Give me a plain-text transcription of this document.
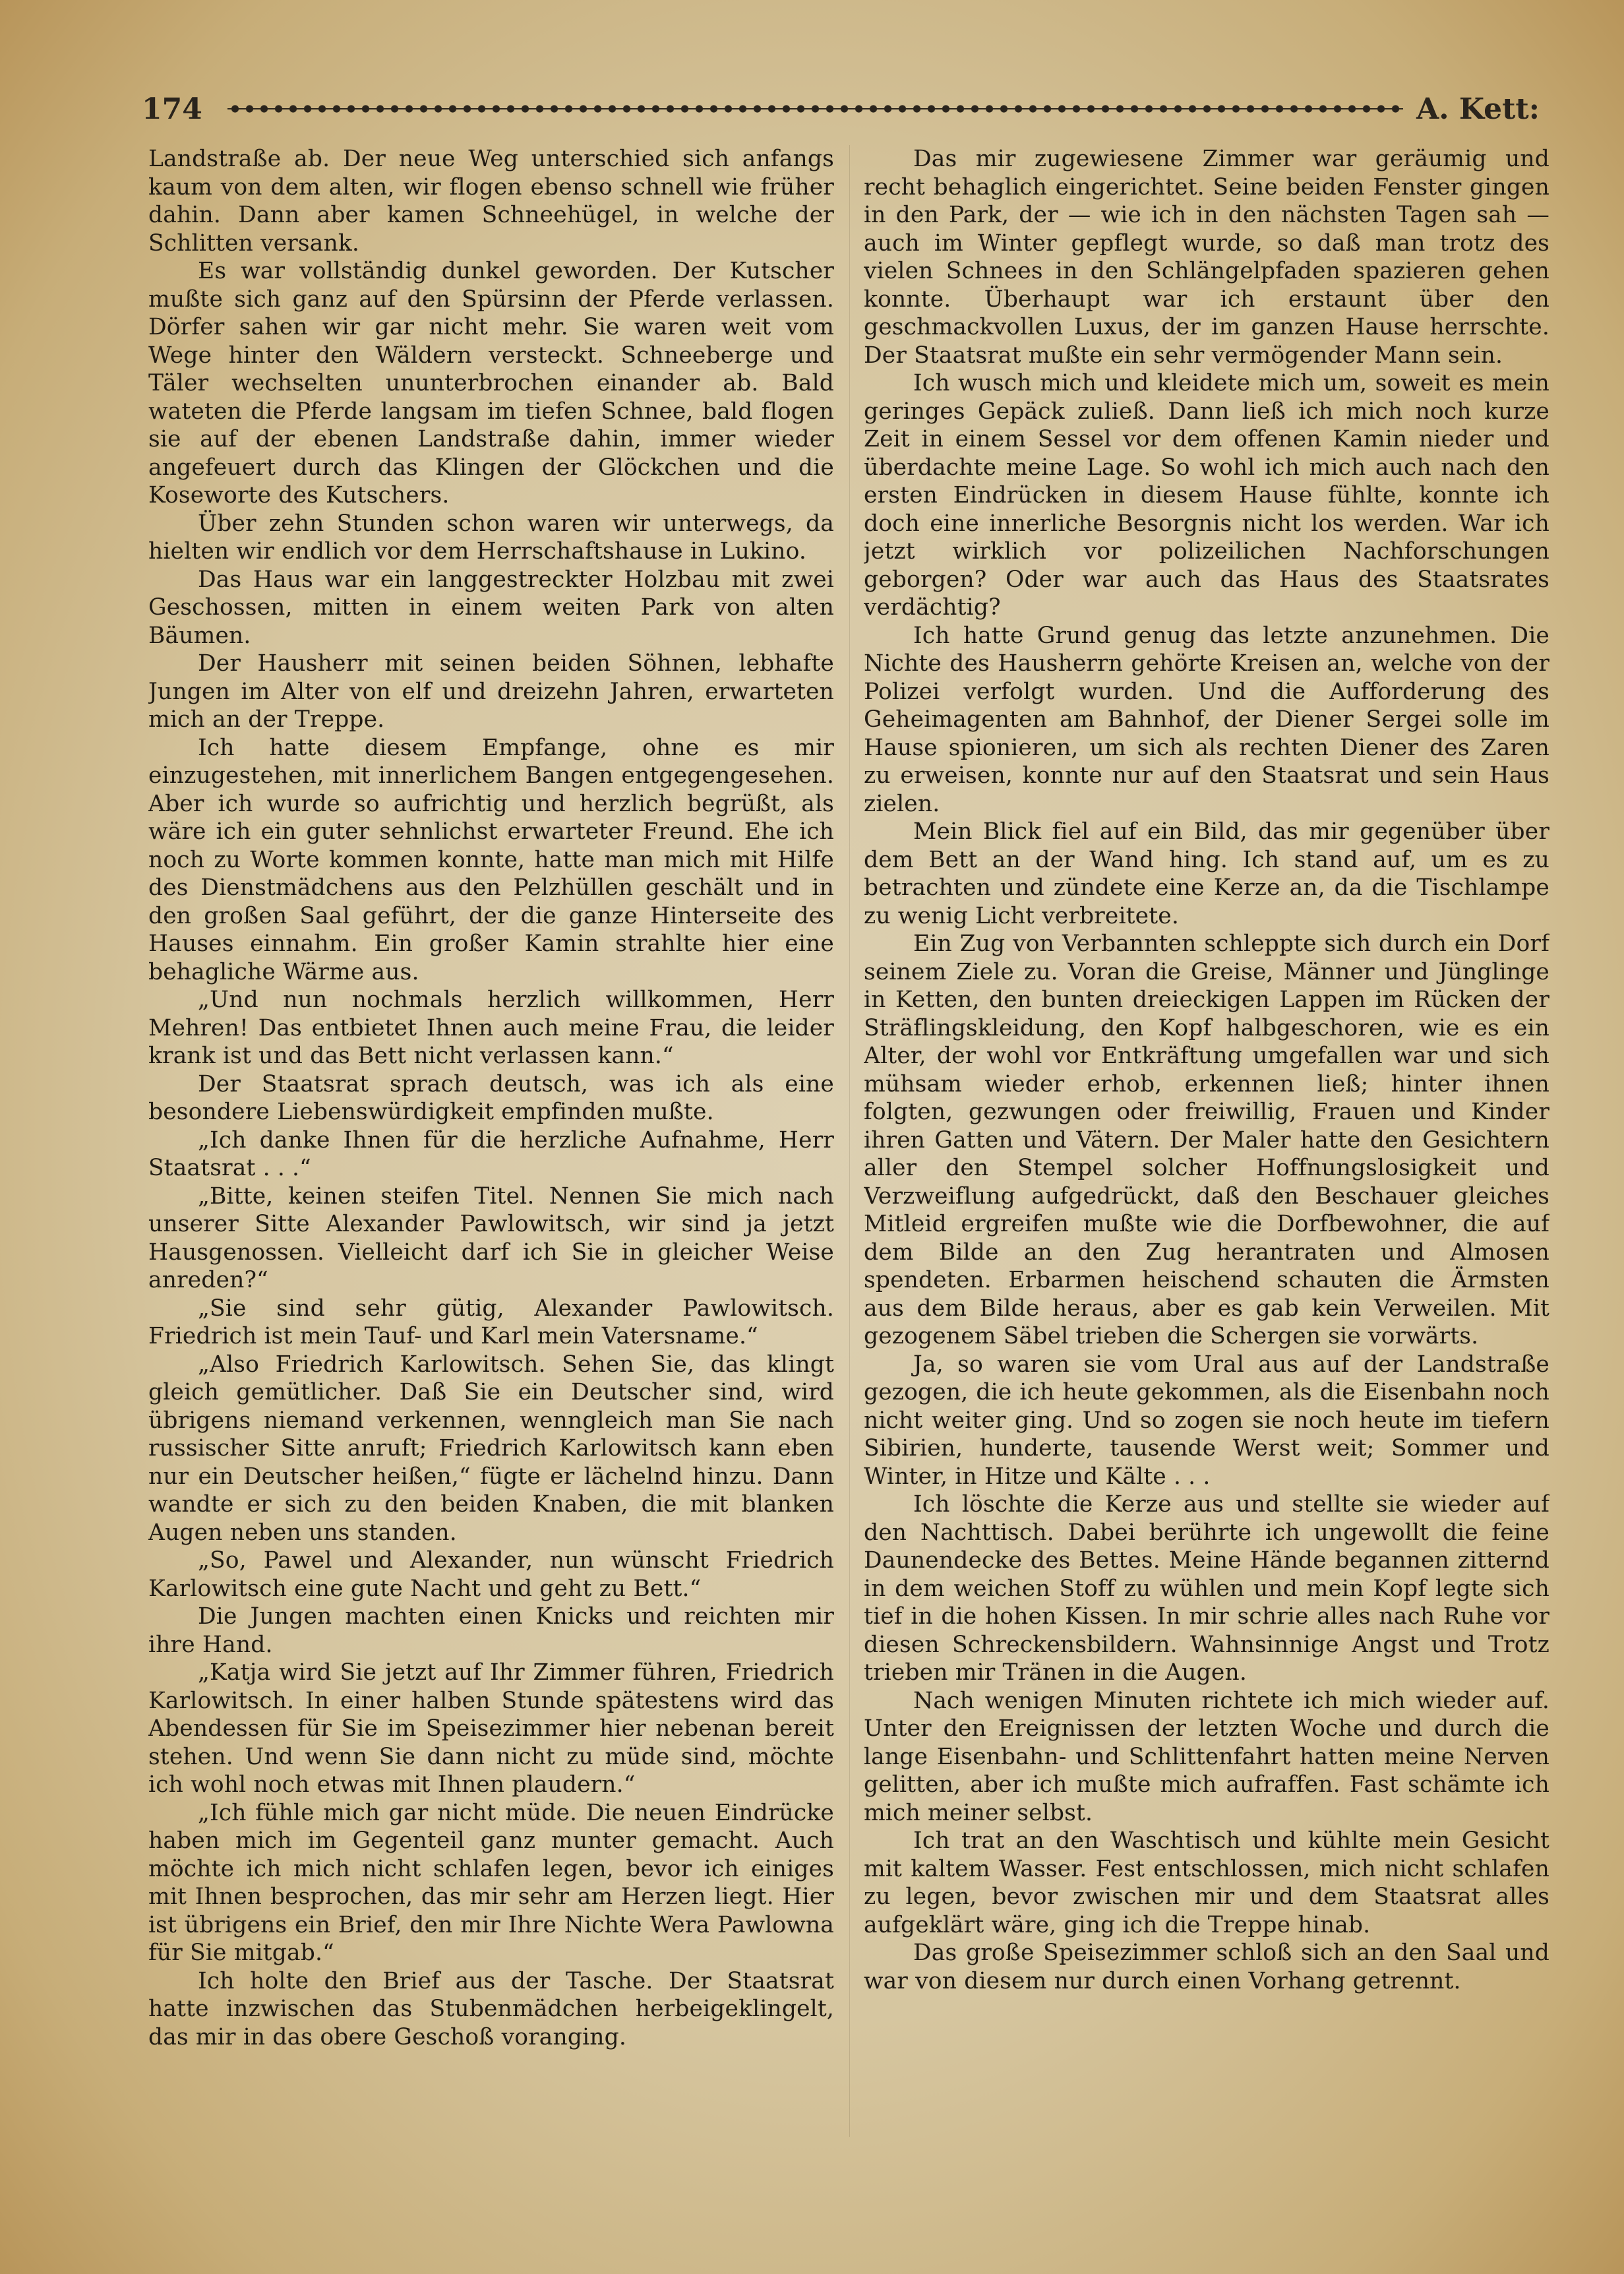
174	A. Kett:

Landstraße ab. Der neue Weg unterschied sich anfangs kaum von dem alten, wir flogen ebenso schnell wie früher dahin. Dann aber kamen Schneehügel, in welche der Schlitten versank.

Es war vollständig dunkel geworden. Der Kutscher mußte sich ganz auf den Spürsinn der Pferde verlassen. Dörfer sahen wir gar nicht mehr. Sie waren weit vom Wege hinter den Wäldern versteckt. Schneeberge und Täler wechselten ununterbrochen einander ab. Bald wateten die Pferde langsam im tiefen Schnee, bald flogen sie auf der ebenen Landstraße dahin, immer wieder angefeuert durch das Klingen der Glöckchen und die Koseworte des Kutschers.

Über zehn Stunden schon waren wir unterwegs, da hielten wir endlich vor dem Herrschaftshause in Lukino.

Das Haus war ein langgestreckter Holzbau mit zwei Geschossen, mitten in einem weiten Park von alten Bäumen.

Der Hausherr mit seinen beiden Söhnen, lebhafte Jungen im Alter von elf und dreizehn Jahren, erwarteten mich an der Treppe.

Ich hatte diesem Empfange, ohne es mir einzugestehen, mit innerlichem Bangen entgegengesehen. Aber ich wurde so aufrichtig und herzlich begrüßt, als wäre ich ein guter sehnlichst erwarteter Freund. Ehe ich noch zu Worte kommen konnte, hatte man mich mit Hilfe des Dienstmädchens aus den Pelzhüllen geschält und in den großen Saal geführt, der die ganze Hinterseite des Hauses einnahm. Ein großer Kamin strahlte hier eine behagliche Wärme aus.

„Und nun nochmals herzlich willkommen, Herr Mehren! Das entbietet Ihnen auch meine Frau, die leider krank ist und das Bett nicht verlassen kann.“

Der Staatsrat sprach deutsch, was ich als eine besondere Liebenswürdigkeit empfinden mußte.

„Ich danke Ihnen für die herzliche Aufnahme, Herr Staatsrat . . .“

„Bitte, keinen steifen Titel. Nennen Sie mich nach unserer Sitte Alexander Pawlowitsch, wir sind ja jetzt Hausgenossen. Vielleicht darf ich Sie in gleicher Weise anreden?“

„Sie sind sehr gütig, Alexander Pawlowitsch. Friedrich ist mein Tauf- und Karl mein Vatersname.“

„Also Friedrich Karlowitsch. Sehen Sie, das klingt gleich gemütlicher. Daß Sie ein Deutscher sind, wird übrigens niemand verkennen, wenngleich man Sie nach russischer Sitte anruft; Friedrich Karlowitsch kann eben nur ein Deutscher heißen,“ fügte er lächelnd hinzu. Dann wandte er sich zu den beiden Knaben, die mit blanken Augen neben uns standen.

„So, Pawel und Alexander, nun wünscht Friedrich Karlowitsch eine gute Nacht und geht zu Bett.“

Die Jungen machten einen Knicks und reichten mir ihre Hand.

„Katja wird Sie jetzt auf Ihr Zimmer führen, Friedrich Karlowitsch. In einer halben Stunde spätestens wird das Abendessen für Sie im Speisezimmer hier nebenan bereit stehen. Und wenn Sie dann nicht zu müde sind, möchte ich wohl noch etwas mit Ihnen plaudern.“

„Ich fühle mich gar nicht müde. Die neuen Eindrücke haben mich im Gegenteil ganz munter gemacht. Auch möchte ich mich nicht schlafen legen, bevor ich einiges mit Ihnen besprochen, das mir sehr am Herzen liegt. Hier ist übrigens ein Brief, den mir Ihre Nichte Wera Pawlowna für Sie mitgab.“

Ich holte den Brief aus der Tasche. Der Staatsrat hatte inzwischen das Stubenmädchen herbeigeklingelt, das mir in das obere Geschoß voranging.

Das mir zugewiesene Zimmer war geräumig und recht behaglich eingerichtet. Seine beiden Fenster gingen in den Park, der — wie ich in den nächsten Tagen sah — auch im Winter gepflegt wurde, so daß man trotz des vielen Schnees in den Schlängelpfaden spazieren gehen konnte. Überhaupt war ich erstaunt über den geschmackvollen Luxus, der im ganzen Hause herrschte. Der Staatsrat mußte ein sehr vermögender Mann sein.

Ich wusch mich und kleidete mich um, soweit es mein geringes Gepäck zuließ. Dann ließ ich mich noch kurze Zeit in einem Sessel vor dem offenen Kamin nieder und überdachte meine Lage. So wohl ich mich auch nach den ersten Eindrücken in diesem Hause fühlte, konnte ich doch eine innerliche Besorgnis nicht los werden. War ich jetzt wirklich vor polizeilichen Nachforschungen geborgen? Oder war auch das Haus des Staatsrates verdächtig?

Ich hatte Grund genug das letzte anzunehmen. Die Nichte des Hausherrn gehörte Kreisen an, welche von der Polizei verfolgt wurden. Und die Aufforderung des Geheimagenten am Bahnhof, der Diener Sergei solle im Hause spionieren, um sich als rechten Diener des Zaren zu erweisen, konnte nur auf den Staatsrat und sein Haus zielen.

Mein Blick fiel auf ein Bild, das mir gegenüber über dem Bett an der Wand hing. Ich stand auf, um es zu betrachten und zündete eine Kerze an, da die Tischlampe zu wenig Licht verbreitete.

Ein Zug von Verbannten schleppte sich durch ein Dorf seinem Ziele zu. Voran die Greise, Männer und Jünglinge in Ketten, den bunten dreieckigen Lappen im Rücken der Sträflingskleidung, den Kopf halbgeschoren, wie es ein Alter, der wohl vor Entkräftung umgefallen war und sich mühsam wieder erhob, erkennen ließ; hinter ihnen folgten, gezwungen oder freiwillig, Frauen und Kinder ihren Gatten und Vätern. Der Maler hatte den Gesichtern aller den Stempel solcher Hoffnungslosigkeit und Verzweiflung aufgedrückt, daß den Beschauer gleiches Mitleid ergreifen mußte wie die Dorfbewohner, die auf dem Bilde an den Zug herantraten und Almosen spendeten. Erbarmen heischend schauten die Ärmsten aus dem Bilde heraus, aber es gab kein Verweilen. Mit gezogenem Säbel trieben die Schergen sie vorwärts.

Ja, so waren sie vom Ural aus auf der Landstraße gezogen, die ich heute gekommen, als die Eisenbahn noch nicht weiter ging. Und so zogen sie noch heute im tiefern Sibirien, hunderte, tausende Werst weit; Sommer und Winter, in Hitze und Kälte . . .

Ich löschte die Kerze aus und stellte sie wieder auf den Nachttisch. Dabei berührte ich ungewollt die feine Daunendecke des Bettes. Meine Hände begannen zitternd in dem weichen Stoff zu wühlen und mein Kopf legte sich tief in die hohen Kissen. In mir schrie alles nach Ruhe vor diesen Schreckensbildern. Wahnsinnige Angst und Trotz trieben mir Tränen in die Augen.

Nach wenigen Minuten richtete ich mich wieder auf. Unter den Ereignissen der letzten Woche und durch die lange Eisenbahn- und Schlittenfahrt hatten meine Nerven gelitten, aber ich mußte mich aufraffen. Fast schämte ich mich meiner selbst.

Ich trat an den Waschtisch und kühlte mein Gesicht mit kaltem Wasser. Fest entschlossen, mich nicht schlafen zu legen, bevor zwischen mir und dem Staatsrat alles aufgeklärt wäre, ging ich die Treppe hinab.

Das große Speisezimmer schloß sich an den Saal und war von diesem nur durch einen Vorhang getrennt.
